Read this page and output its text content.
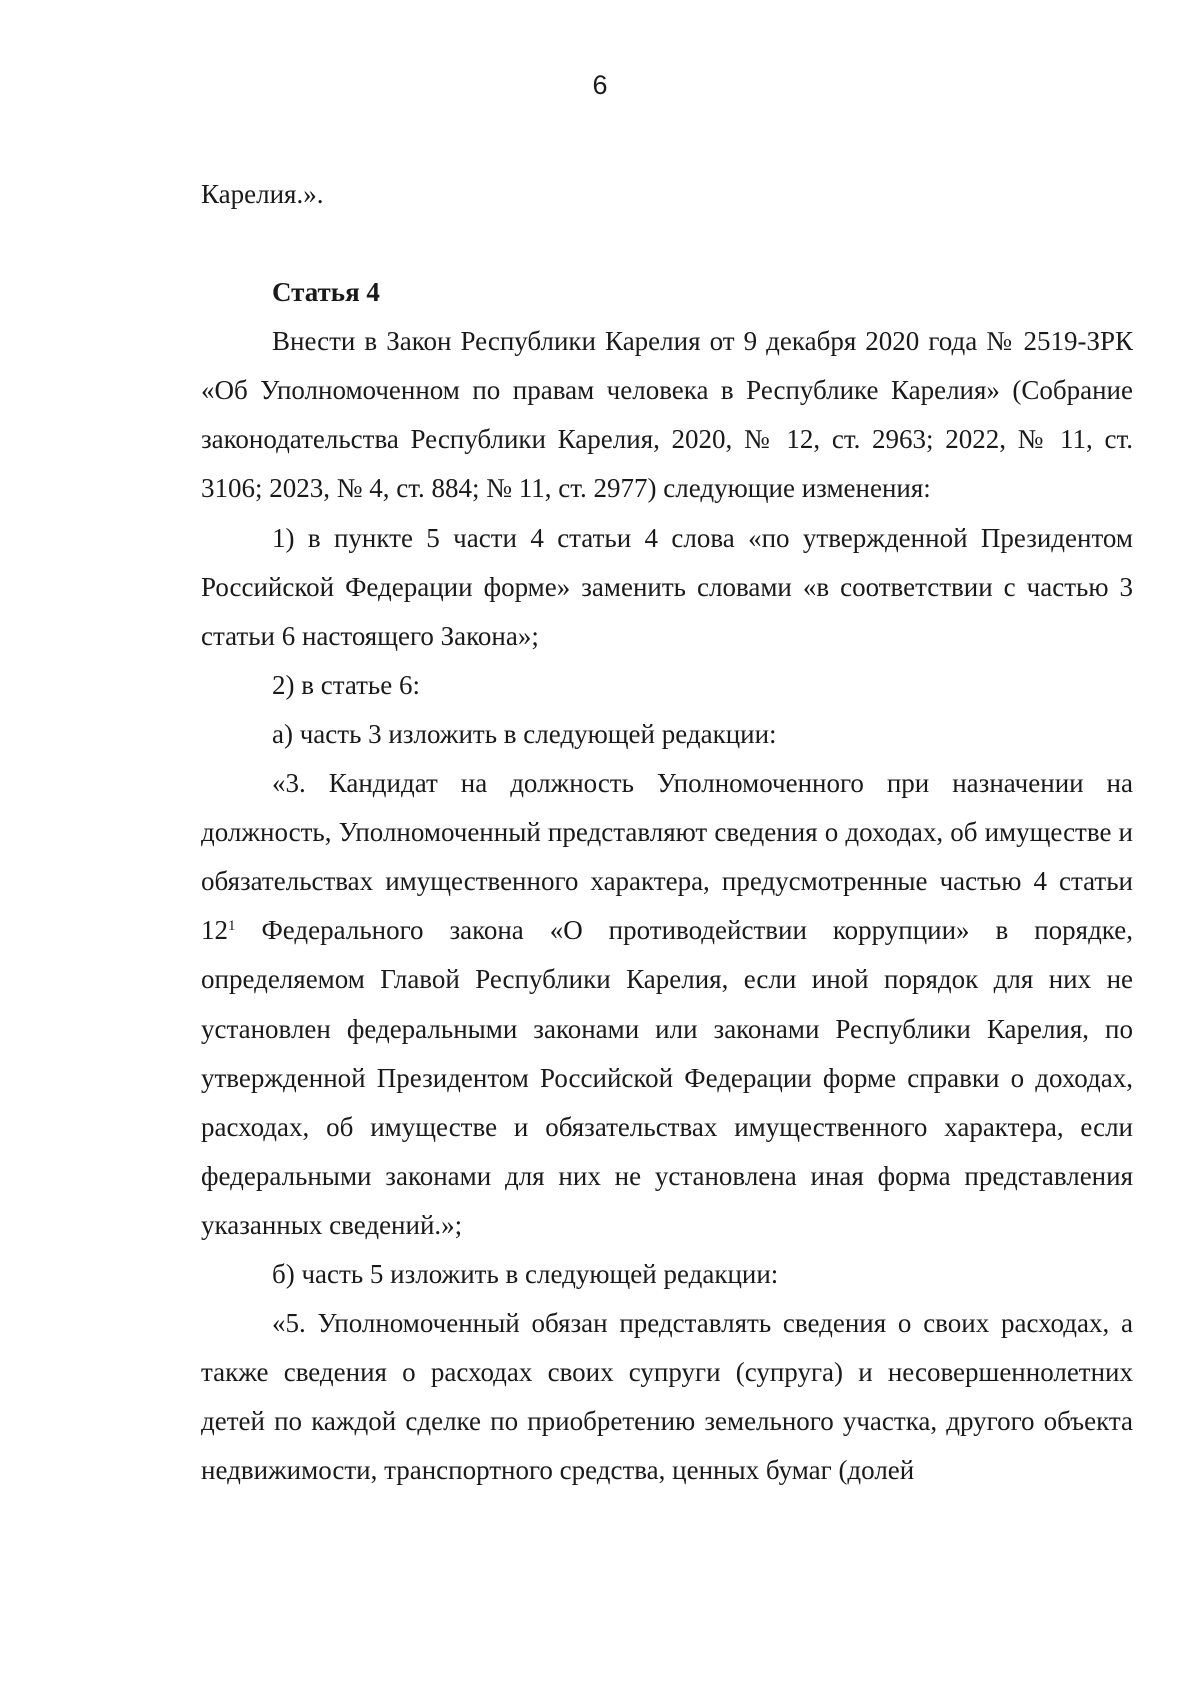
6

Карелия.».

Статья 4

Внести в Закон Республики Карелия от 9 декабря 2020 года № 2519-ЗРК «Об Уполномоченном по правам человека в Республике Карелия» (Собрание законодательства Республики Карелия, 2020, № 12, ст. 2963; 2022, № 11, ст. 3106; 2023, № 4, ст. 884; № 11, ст. 2977) следующие изменения:

1) в пункте 5 части 4 статьи 4 слова «по утвержденной Президентом Российской Федерации форме» заменить словами «в соответствии с частью 3 статьи 6 настоящего Закона»;

2) в статье 6:

а) часть 3 изложить в следующей редакции:

«3. Кандидат на должность Уполномоченного при назначении на должность, Уполномоченный представляют сведения о доходах, об имуществе и обязательствах имущественного характера, предусмотренные частью 4 статьи $12^1$ Федерального закона «О противодействии коррупции» в порядке, определяемом Главой Республики Карелия, если иной порядок для них не установлен федеральными законами или законами Республики Карелия, по утвержденной Президентом Российской Федерации форме справки о доходах, расходах, об имуществе и обязательствах имущественного характера, если федеральными законами для них не установлена иная форма представления указанных сведений.»;

б) часть 5 изложить в следующей редакции:

«5. Уполномоченный обязан представлять сведения о своих расходах, а также сведения о расходах своих супруги (супруга) и несовершеннолетних детей по каждой сделке по приобретению земельного участка, другого объекта недвижимости, транспортного средства, ценных бумаг (долей
